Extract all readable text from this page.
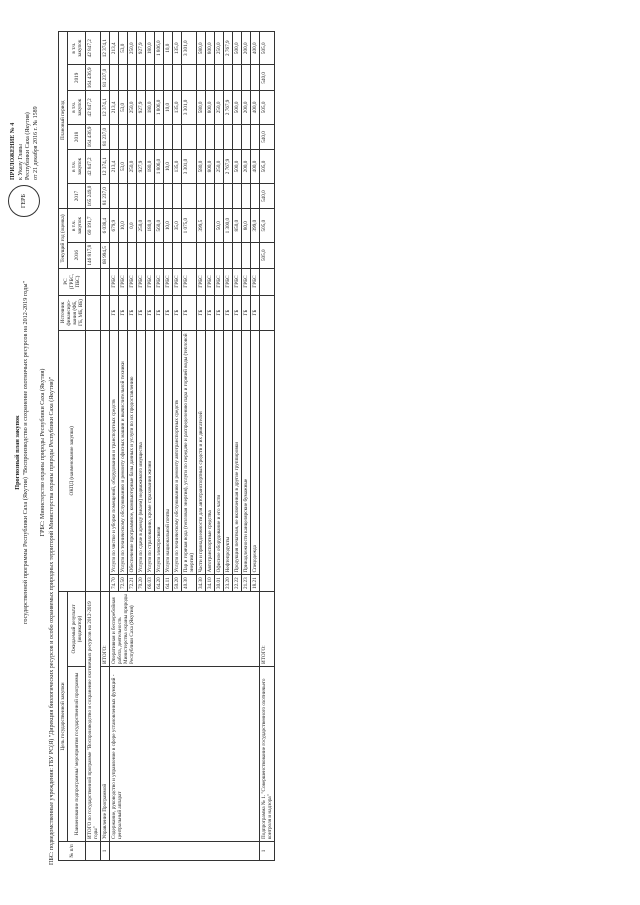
ГЕРБ
ПРИЛОЖЕНИЕ № 4 к Указу Главы Республики Саха (Якутия) от 21 декабря 2016 г. № 1589
Прогнозный план закупок государственной программы Республики Саха (Якутия) "Воспроизводство и сохранение охотничьих ресурсов на 2012-2019 годы" ГРБС: Министерство охраны природы Республики Саха (Якутия) ПБС: подведомственные учреждения: ГБУ РС(Я) "Дирекция биологических ресурсов и особо охраняемых природных территорий Министерства охраны природы Республики Саха (Якутия)"	№ п/п	Цель государственной закупки		ОКПД (наименование закупки)		Источник финансиро-вания (ФБ, ГБ, МБ, ВБ)	РС (ГРБС, ПБС)	Текущий год (оценка)		Плановый период					
	Наименование подпрограммы/ мероприятия государственной программы	Ожидаемый результат (индикатор)					2016	в т.ч. закупок	2017	в т.ч. закупок	2018	в т.ч. закупок	2019	в т.ч. закупок

	ИТОГО по государственной программе "Воспроизводство и сохранение охотничьих ресурсов на 2012-2019 годы"						146 817,8	60 191,7	165 249,0	42 847,2	164 436,9	42 847,2	164 436,9	42 847,2
1	Управление Программой	ИТОГО:					68 994,5	6 038,4	81 237,0	12 374,1	81 237,0	12 374,1	81 237,0	12 374,1
	Содержание, руководство и управление в сфере установленных функций - центральный аппарат	Оперативная и бесперебойная работа, деятельность Министерства охраны природы Республики Саха (Якутия)	74.70	Услуги по чистке и уборке помещений, оборудования и транспортных средств	ГБ	ГРБС		679,9		213,4		213,4		213,4
			72.50	Услуги по техническому обслуживанию и ремонту офисных машин и вычислительной техники	ГБ	ГРБС		10,0		53,0		53,0		53,0
			72.21	Обеспечение программное, компьютерные базы данных и услуги по их предоставлению	ГБ	ГРБС		0,0		250,0		250,0		250,0
			70.20	Услуги по сдаче в аренду (внаем) недвижимого имущества	ГБ	ГРБС		250,0		927,9		927,9		927,9
			66.03	Услуги по страхованию, кроме страхования жизни	ГБ	ГРБС		180,0		180,0		180,0		180,0
			64.20	Услуги электросвязи	ГБ	ГРБС		560,0		1 806,0		1 806,0		1 806,0
			64.11	Услуги национальной почты	ГБ	ГРБС		10,0		10,0		10,0		10,0
			50.20	Услуги по техническому обслуживанию и ремонту автотранспортных средств	ГБ	ГРБС		35,0		135,0		135,0		135,0
			40.30	Пар и горячая вода (тепловая энергия), услуги по передаче и распределению пара и горячей воды (тепловой энергии)	ГБ	ГРБС		1 075,0		3 301,0		3 301,0		3 301,0
			34.30	Части и принадлежности для автотранспортных средств и их двигателей	ГБ	ГРБС		399,5		580,0		580,0		580,0
			34.10	Автотранспортные средства	ГБ	ГРБС				800,0		800,0		800,0
			30.01	Офисное оборудование и его части	ГБ	ГРБС		50,0		250,0		250,0		250,0
			23.20	Нефтепродукты	ГБ	ГРБС		1 300,0		2 767,9		2 767,9		2 767,9
			22.22	Продукция печатная, не включенная в другие группировки	ГБ	ГРБС		850,0		500,0		500,0		500,0
			21.23	Принадлежности канцелярские бумажные	ГБ	ГРБС		80,0		200,0		200,0		200,0
			18.21	Спецодежда	ГБ	ГРБС		399,0		400,0		400,0		400,0
1	Подпрограмма № 1. "Совершенствование государственного охотничьего контроля и надзора"	ИТОГО:					505,0	505,0	540,0	505,0	540,0	505,0	540,0	505,0
